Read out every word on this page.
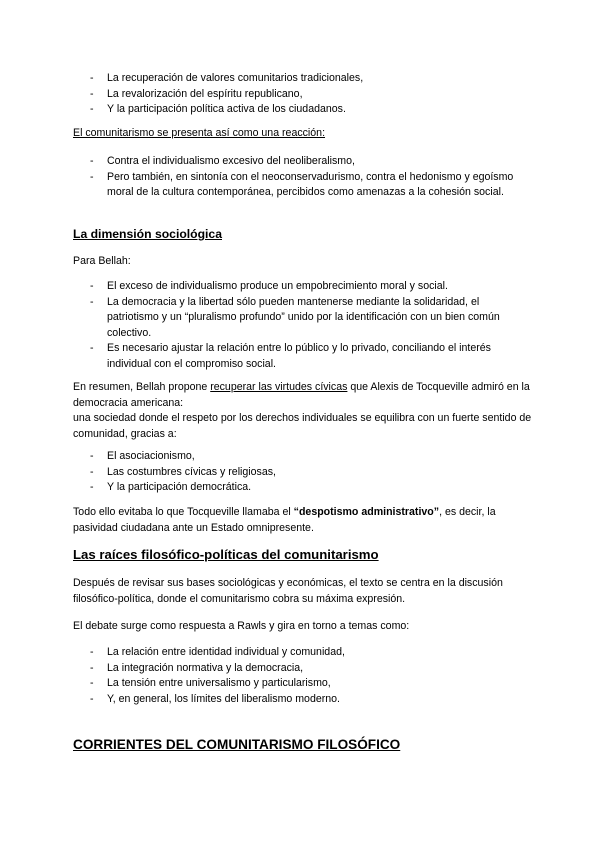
- La recuperación de valores comunitarios tradicionales,
- La revalorización del espíritu republicano,
- Y la participación política activa de los ciudadanos.

El comunitarismo se presenta así como una reacción:

- Contra el individualismo excesivo del neoliberalismo,
- Pero también, en sintonía con el neoconservadurismo, contra el hedonismo y egoísmo moral de la cultura contemporánea, percibidos como amenazas a la cohesión social.
La dimensión sociológica

Para Bellah:

- El exceso de individualismo produce un empobrecimiento moral y social.
- La democracia y la libertad sólo pueden mantenerse mediante la solidaridad, el patriotismo y un “pluralismo profundo” unido por la identificación con un bien común colectivo.
- Es necesario ajustar la relación entre lo público y lo privado, conciliando el interés individual con el compromiso social.

En resumen, Bellah propone recuperar las virtudes cívicas que Alexis de Tocqueville admiró en la democracia americana:
una sociedad donde el respeto por los derechos individuales se equilibra con un fuerte sentido de comunidad, gracias a:

- El asociacionismo,
- Las costumbres cívicas y religiosas,
- Y la participación democrática.

Todo ello evitaba lo que Tocqueville llamaba el “despotismo administrativo”, es decir, la pasividad ciudadana ante un Estado omnipresente.

Las raíces filosófico-políticas del comunitarismo

Después de revisar sus bases sociológicas y económicas, el texto se centra en la discusión filosófico-política, donde el comunitarismo cobra su máxima expresión.

El debate surge como respuesta a Rawls y gira en torno a temas como:

- La relación entre identidad individual y comunidad,
- La integración normativa y la democracia,
- La tensión entre universalismo y particularismo,
- Y, en general, los límites del liberalismo moderno.
CORRIENTES DEL COMUNITARISMO FILOSÓFICO
